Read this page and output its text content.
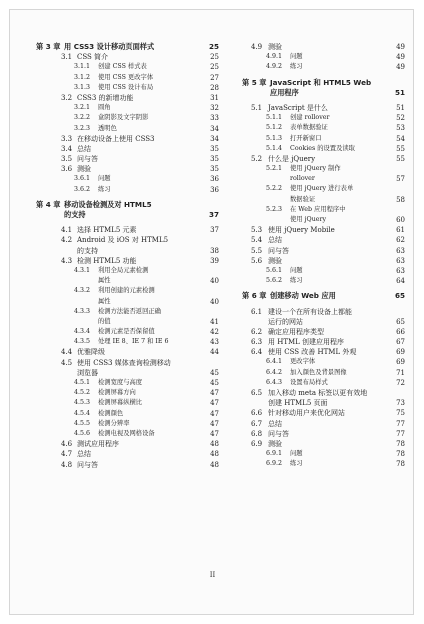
第 3 章 用 CSS3 设计移动页面样式	25
3.1 CSS 简介	25
3.1.1 创建 CSS 样式表	25
3.1.2 使用 CSS 更改字体	27
3.1.3 使用 CSS 设计布局	28
3.2 CSS3 的新增功能	31
3.2.1 圆角	32
3.2.2 盒阴影及文字阴影	33
3.2.3 透明色	34
3.3 在移动设备上使用 CSS3	34
3.4 总结	35
3.5 问与答	35
3.6 测验	35
3.6.1 问题	36
3.6.2 练习	36
第 4 章 移动设备检测及对 HTML5
的支持	37
4.1 选择 HTML5 元素	37
4.2 Android 及 iOS 对 HTML5
的支持	38
4.3 检测 HTML5 功能	39
4.3.1 利用全局元素检测
属性	40
4.3.2 利用创建的元素检测
属性	40
4.3.3 检测方法能否返回正确
的值	41
4.3.4 检测元素是否保留值	42
4.3.5 处理 IE 8、IE 7 和 IE 6	43
4.4 优雅降级	44
4.5 使用 CSS3 媒体查询检测移动
浏览器	45
4.5.1 检测宽度与高度	45
4.5.2 检测屏幕方向	47
4.5.3 检测屏幕纵横比	47
4.5.4 检测颜色	47
4.5.5 检测分辨率	47
4.5.6 检测电视及网格设备	47
4.6 测试应用程序	48
4.7 总结	48
4.8 问与答	48
4.9 测验	49
4.9.1 问题	49
4.9.2 练习	49
第 5 章 JavaScript 和 HTML5 Web
应用程序	51
5.1 JavaScript 是什么	51
5.1.1 创建 rollover	52
5.1.2 表单数据验证	53
5.1.3 打开新窗口	54
5.1.4 Cookies 的设置及读取	55
5.2 什么是 jQuery	55
5.2.1 使用 jQuery 制作
rollover	57
5.2.2 使用 jQuery 进行表单
数据验证	58
5.2.3 在 Web 应用程序中
使用 jQuery	60
5.3 使用 jQuery Mobile	61
5.4 总结	62
5.5 问与答	63
5.6 测验	63
5.6.1 问题	63
5.6.2 练习	64
第 6 章 创建移动 Web 应用	65
6.1 建设一个在所有设备上都能
运行的网站	65
6.2 确定应用程序类型	66
6.3 用 HTML 创建应用程序	67
6.4 使用 CSS 改善 HTML 外观	69
6.4.1 更改字体	69
6.4.2 加入颜色及背景图像	71
6.4.3 设置布局样式	72
6.5 加入移动 meta 标签以更有效地
创建 HTML5 页面	73
6.6 针对移动用户来优化网站	75
6.7 总结	77
6.8 问与答	77
6.9 测验	78
6.9.1 问题	78
6.9.2 练习	78
II
